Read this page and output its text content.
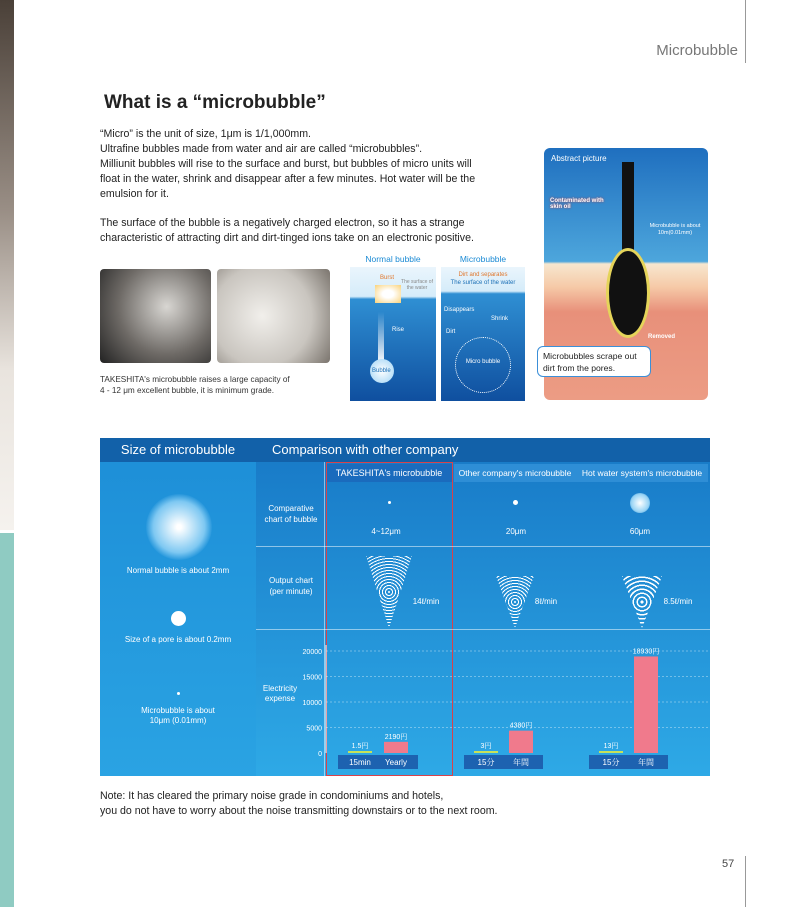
Microbubble
What is a “microbubble”
“Micro” is the unit of size, 1μm is 1/1,000mm.
Ultrafine bubbles made from water and air are called “microbubbles”.
Milliunit bubbles will rise to the surface and burst, but bubbles of micro units will
float in the water, shrink and disappear after a few minutes. Hot water will be the
emulsion for it.
The surface of the bubble is a negatively charged electron, so it has a strange
characteristic of attracting dirt and dirt-tinged ions take on an electronic positive.
TAKESHITA's microbubble raises a large capacity of
4 - 12 μm excellent bubble, it is minimum grade.
Normal bubble	Microbubble
Burst
The surface of the water
Rise
Bubble
Dirt and separates
The surface of the water
Disappears
Shrink
Dirt
Micro bubble
Abstract picture
Contaminated with skin oil
Microbubble is about
10m(0.01mm)
Removed
Microbubbles scrape out
dirt from the pores.
Size of microbubble
Normal bubble is about 2mm
Size of a pore is about 0.2mm
Microbubble is about
10μm (0.01mm)
Comparison with other company
TAKESHITA's microbubble	Other company's microbubble	Hot water system's microbubble
Comparative
chart of bubble
4~12μm	20μm	60μm
Output chart
(per minute)
14ℓ/min	8ℓ/min	8.5ℓ/min
Electricity
expense
0
5000
10000
15000
20000
1.5円
2190円
15min Yearly
3円
4380円
15分 年間
13円
18930円
15分 年間
Note: It has cleared the primary noise grade in condominiums and hotels,
you do not have to worry about the noise transmitting downstairs or to the next room.
57
